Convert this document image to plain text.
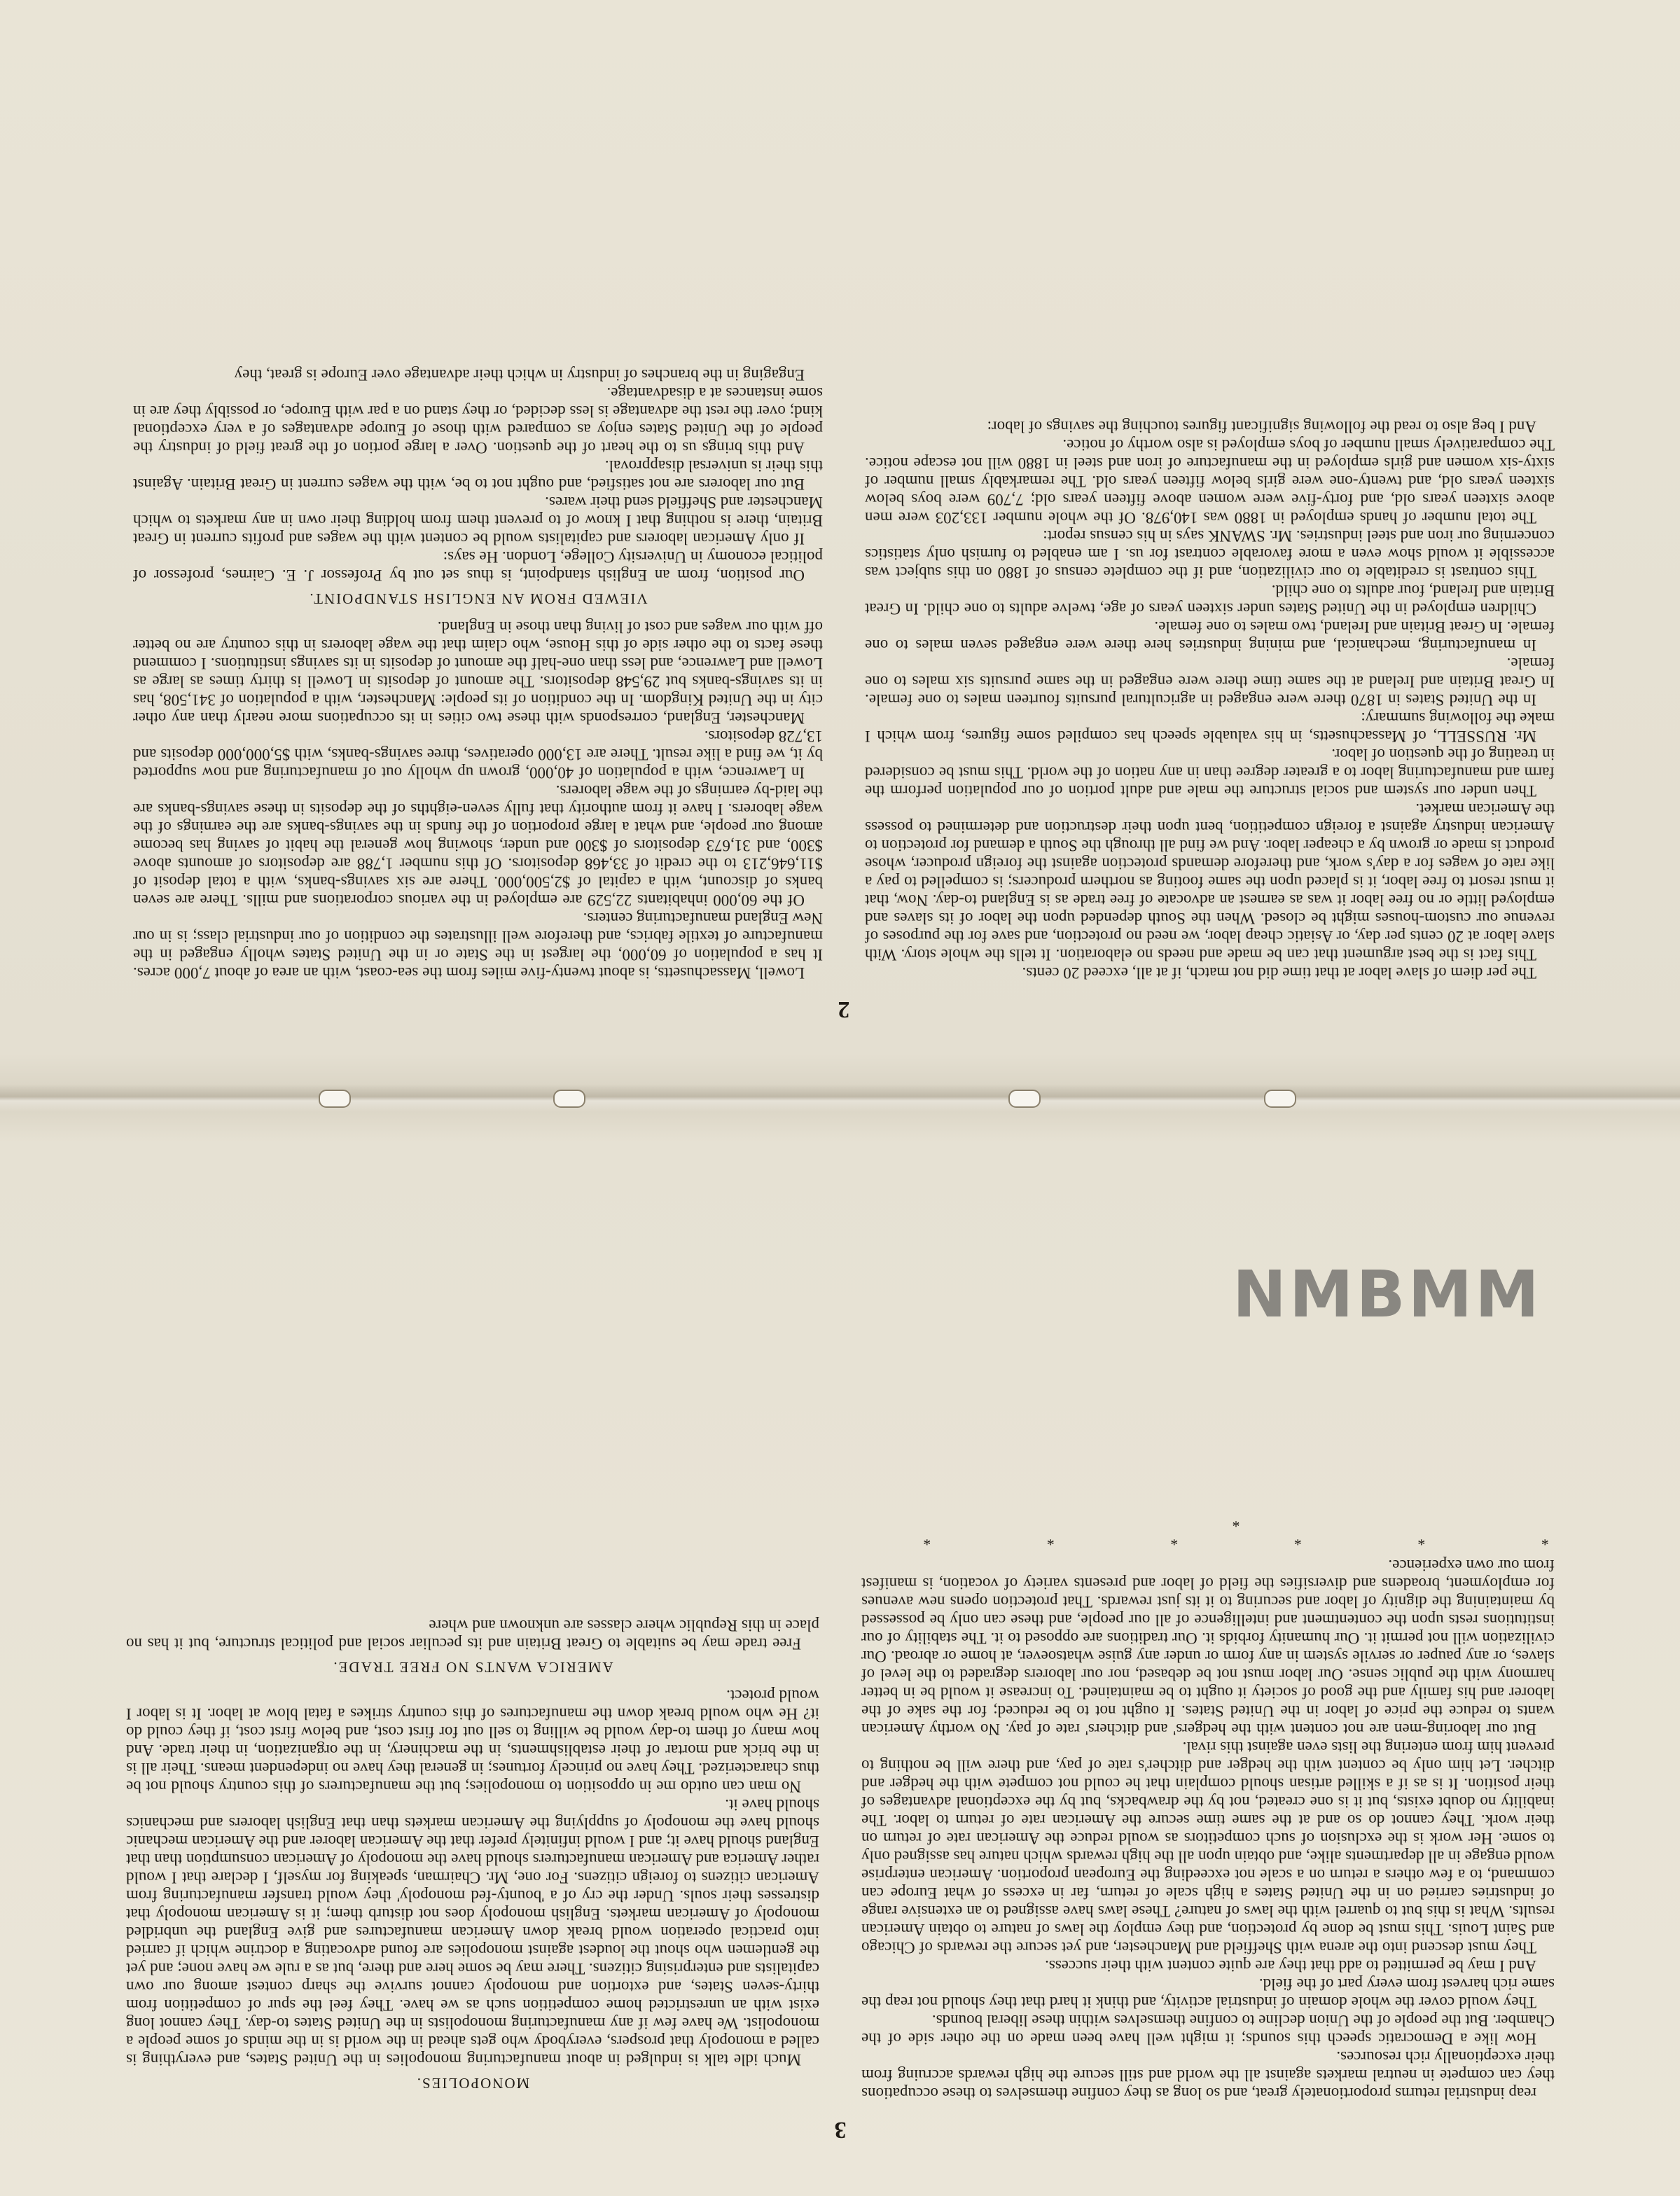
2

The per diem of slave labor at that time did not match, if at all, exceed 20 cents.

This fact is the best argument that can be made and needs no elaboration. It tells the whole story. With slave labor at 20 cents per day, or Asiatic cheap labor, we need no protection, and save for the purposes of revenue our custom-houses might be closed. When the South depended upon the labor of its slaves and employed little or no free labor it was as earnest an advocate of free trade as is England to-day. Now, that it must resort to free labor, it is placed upon the same footing as northern producers; is compelled to pay a like rate of wages for a day's work, and therefore demands protection against the foreign producer, whose product is made or grown by a cheaper labor. And we find all through the South a demand for protection to American industry against a foreign competition, bent upon their destruction and determined to possess the American market.

Then under our system and social structure the male and adult portion of our population perform the farm and manufacturing labor to a greater degree than in any nation of the world. This must be considered in treating of the question of labor.

Mr. RUSSELL, of Massachusetts, in his valuable speech has compiled some figures, from which I make the following summary:

In the United States in 1870 there were engaged in agricultural pursuits fourteen males to one female. In Great Britain and Ireland at the same time there were engaged in the same pursuits six males to one female.

In manufacturing, mechanical, and mining industries here there were engaged seven males to one female. In Great Britain and Ireland, two males to one female.

Children employed in the United States under sixteen years of age, twelve adults to one child. In Great Britain and Ireland, four adults to one child.

This contrast is creditable to our civilization, and if the complete census of 1880 on this subject was accessible it would show even a more favorable contrast for us. I am enabled to furnish only statistics concerning our iron and steel industries. Mr. SWANK says in his census report:

The total number of hands employed in 1880 was 140,978. Of the whole number 133,203 were men above sixteen years old, and forty-five were women above fifteen years old; 7,709 were boys below sixteen years old, and twenty-one were girls below fifteen years old. The remarkably small number of sixty-six women and girls employed in the manufacture of iron and steel in 1880 will not escape notice. The comparatively small number of boys employed is also worthy of notice.

And I beg also to read the following significant figures touching the savings of labor:

Lowell, Massachusetts, is about twenty-five miles from the sea-coast, with an area of about 7,000 acres. It has a population of 60,000, the largest in the State or in the United States wholly engaged in the manufacture of textile fabrics, and therefore well illustrates the condition of our industrial class; is in our New England manufacturing centers.

Of the 60,000 inhabitants 22,529 are employed in the various corporations and mills. There are seven banks of discount, with a capital of $2,500,000. There are six savings-banks, with a total deposit of $11,646,213 to the credit of 33,468 depositors. Of this number 1,788 are depositors of amounts above $300, and 31,673 depositors of $300 and under, showing how general the habit of saving has become among our people, and what a large proportion of the funds in the savings-banks are the earnings of the wage laborers. I have it from authority that fully seven-eighths of the deposits in these savings-banks are the laid-by earnings of the wage laborers.

In Lawrence, with a population of 40,000, grown up wholly out of manufacturing and now supported by it, we find a like result. There are 13,000 operatives, three savings-banks, with $5,000,000 deposits and 13,728 depositors.

Manchester, England, corresponds with these two cities in its occupations more nearly than any other city in the United Kingdom. In the condition of its people: Manchester, with a population of 341,508, has in its savings-banks but 29,548 depositors. The amount of deposits in Lowell is thirty times as large as Lowell and Lawrence, and less than one-half the amount of deposits in its savings institutions. I commend these facts to the other side of this House, who claim that the wage laborers in this country are no better off with our wages and cost of living than those in England.

VIEWED FROM AN ENGLISH STANDPOINT.

Our position, from an English standpoint, is thus set out by Professor J. E. Cairnes, professor of political economy in University College, London. He says:

If only American laborers and capitalists would be content with the wages and profits current in Great Britain, there is nothing that I know of to prevent them from holding their own in any markets to which Manchester and Sheffield send their wares.

But our laborers are not satisfied, and ought not to be, with the wages current in Great Britain. Against this their is universal disapproval.

And this brings us to the heart of the question. Over a large portion of the great field of industry the people of the United States enjoy as compared with those of Europe advantages of a very exceptional kind; over the rest the advantage is less decided, or they stand on a par with Europe, or possibly they are in some instances at a disadvantage.

Engaging in the branches of industry in which their advantage over Europe is great, they

3

reap industrial returns proportionately great, and so long as they confine themselves to these occupations they can compete in neutral markets against all the world and still secure the high rewards accruing from their exceptionally rich resources.

How like a Democratic speech this sounds; it might well have been made on the other side of the Chamber. But the people of the Union decline to confine themselves within these liberal bounds.

They would cover the whole domain of industrial activity, and think it hard that they should not reap the same rich harvest from every part of the field.

And I may be permitted to add that they are quite content with their success.

They must descend into the arena with Sheffield and Manchester, and yet secure the rewards of Chicago and Saint Louis. This must be done by protection, and they employ the laws of nature to obtain American results. What is this but to quarrel with the laws of nature? These laws have assigned to an extensive range of industries carried on in the United States a high scale of return, far in excess of what Europe can command, to a few others a return on a scale not exceeding the European proportion. American enterprise would engage in all departments alike, and obtain upon all the high rewards which nature has assigned only to some. Her work is the exclusion of such competitors as would reduce the American rate of return on their work. They cannot do so and at the same time secure the American rate of return to labor. The inability no doubt exists, but it is one created, not by the drawbacks, but by the exceptional advantages of their position. It is as if a skilled artisan should complain that he could not compete with the hedger and ditcher. Let him only be content with the hedger and ditcher's rate of pay, and there will be nothing to prevent him from entering the lists even against this rival.

But our laboring-men are not content with the hedgers' and ditchers' rate of pay. No worthy American wants to reduce the price of labor in the United States. It ought not to be reduced; for the sake of the laborer and his family and the good of society it ought to be maintained. To increase it would be in better harmony with the public sense. Our labor must not be debased, nor our laborers degraded to the level of slaves, or any pauper or servile system in any form or under any guise whatsoever, at home or abroad. Our civilization will not permit it. Our humanity forbids it. Our traditions are opposed to it. The stability of our institutions rests upon the contentment and intelligence of all our people, and these can only be possessed by maintaining the dignity of labor and securing to it its just rewards. That protection opens new avenues for employment, broadens and diversifies the field of labor and presents variety of vocation, is manifest from our own experience.

* * * * * * *
MONOPOLIES.

Much idle talk is indulged in about manufacturing monopolies in the United States, and everything is called a monopoly that prospers, everybody who gets ahead in the world is in the minds of some people a monopolist. We have few if any manufacturing monopolists in the United States to-day. They cannot long exist with an unrestricted home competition such as we have. They feel the spur of competition from thirty-seven States, and extortion and monopoly cannot survive the sharp contest among our own capitalists and enterprising citizens. There may be some here and there, but as a rule we have none; and yet the gentlemen who shout the loudest against monopolies are found advocating a doctrine which if carried into practical operation would break down American manufactures and give England the unbridled monopoly of American markets. English monopoly does not disturb them; it is American monopoly that distresses their souls. Under the cry of a 'bounty-fed monopoly' they would transfer manufacturing from American citizens to foreign citizens. For one, Mr. Chairman, speaking for myself, I declare that I would rather America and American manufacturers should have the monopoly of American consumption than that England should have it; and I would infinitely prefer that the American laborer and the American mechanic should have the monopoly of supplying the American markets than that English laborers and mechanics should have it.

No man can outdo me in opposition to monopolies; but the manufacturers of this country should not be thus characterized. They have no princely fortunes; in general they have no independent means. Their all is in the brick and mortar of their establishments, in the machinery, in the organization, in their trade. And how many of them to-day would be willing to sell out for first cost, and below first cost, if they could do it? He who would break down the manufactures of this country strikes a fatal blow at labor. It is labor I would protect.

AMERICA WANTS NO FREE TRADE.

Free trade may be suitable to Great Britain and its peculiar social and political structure, but it has no place in this Republic where classes are unknown and where

NMBMM
